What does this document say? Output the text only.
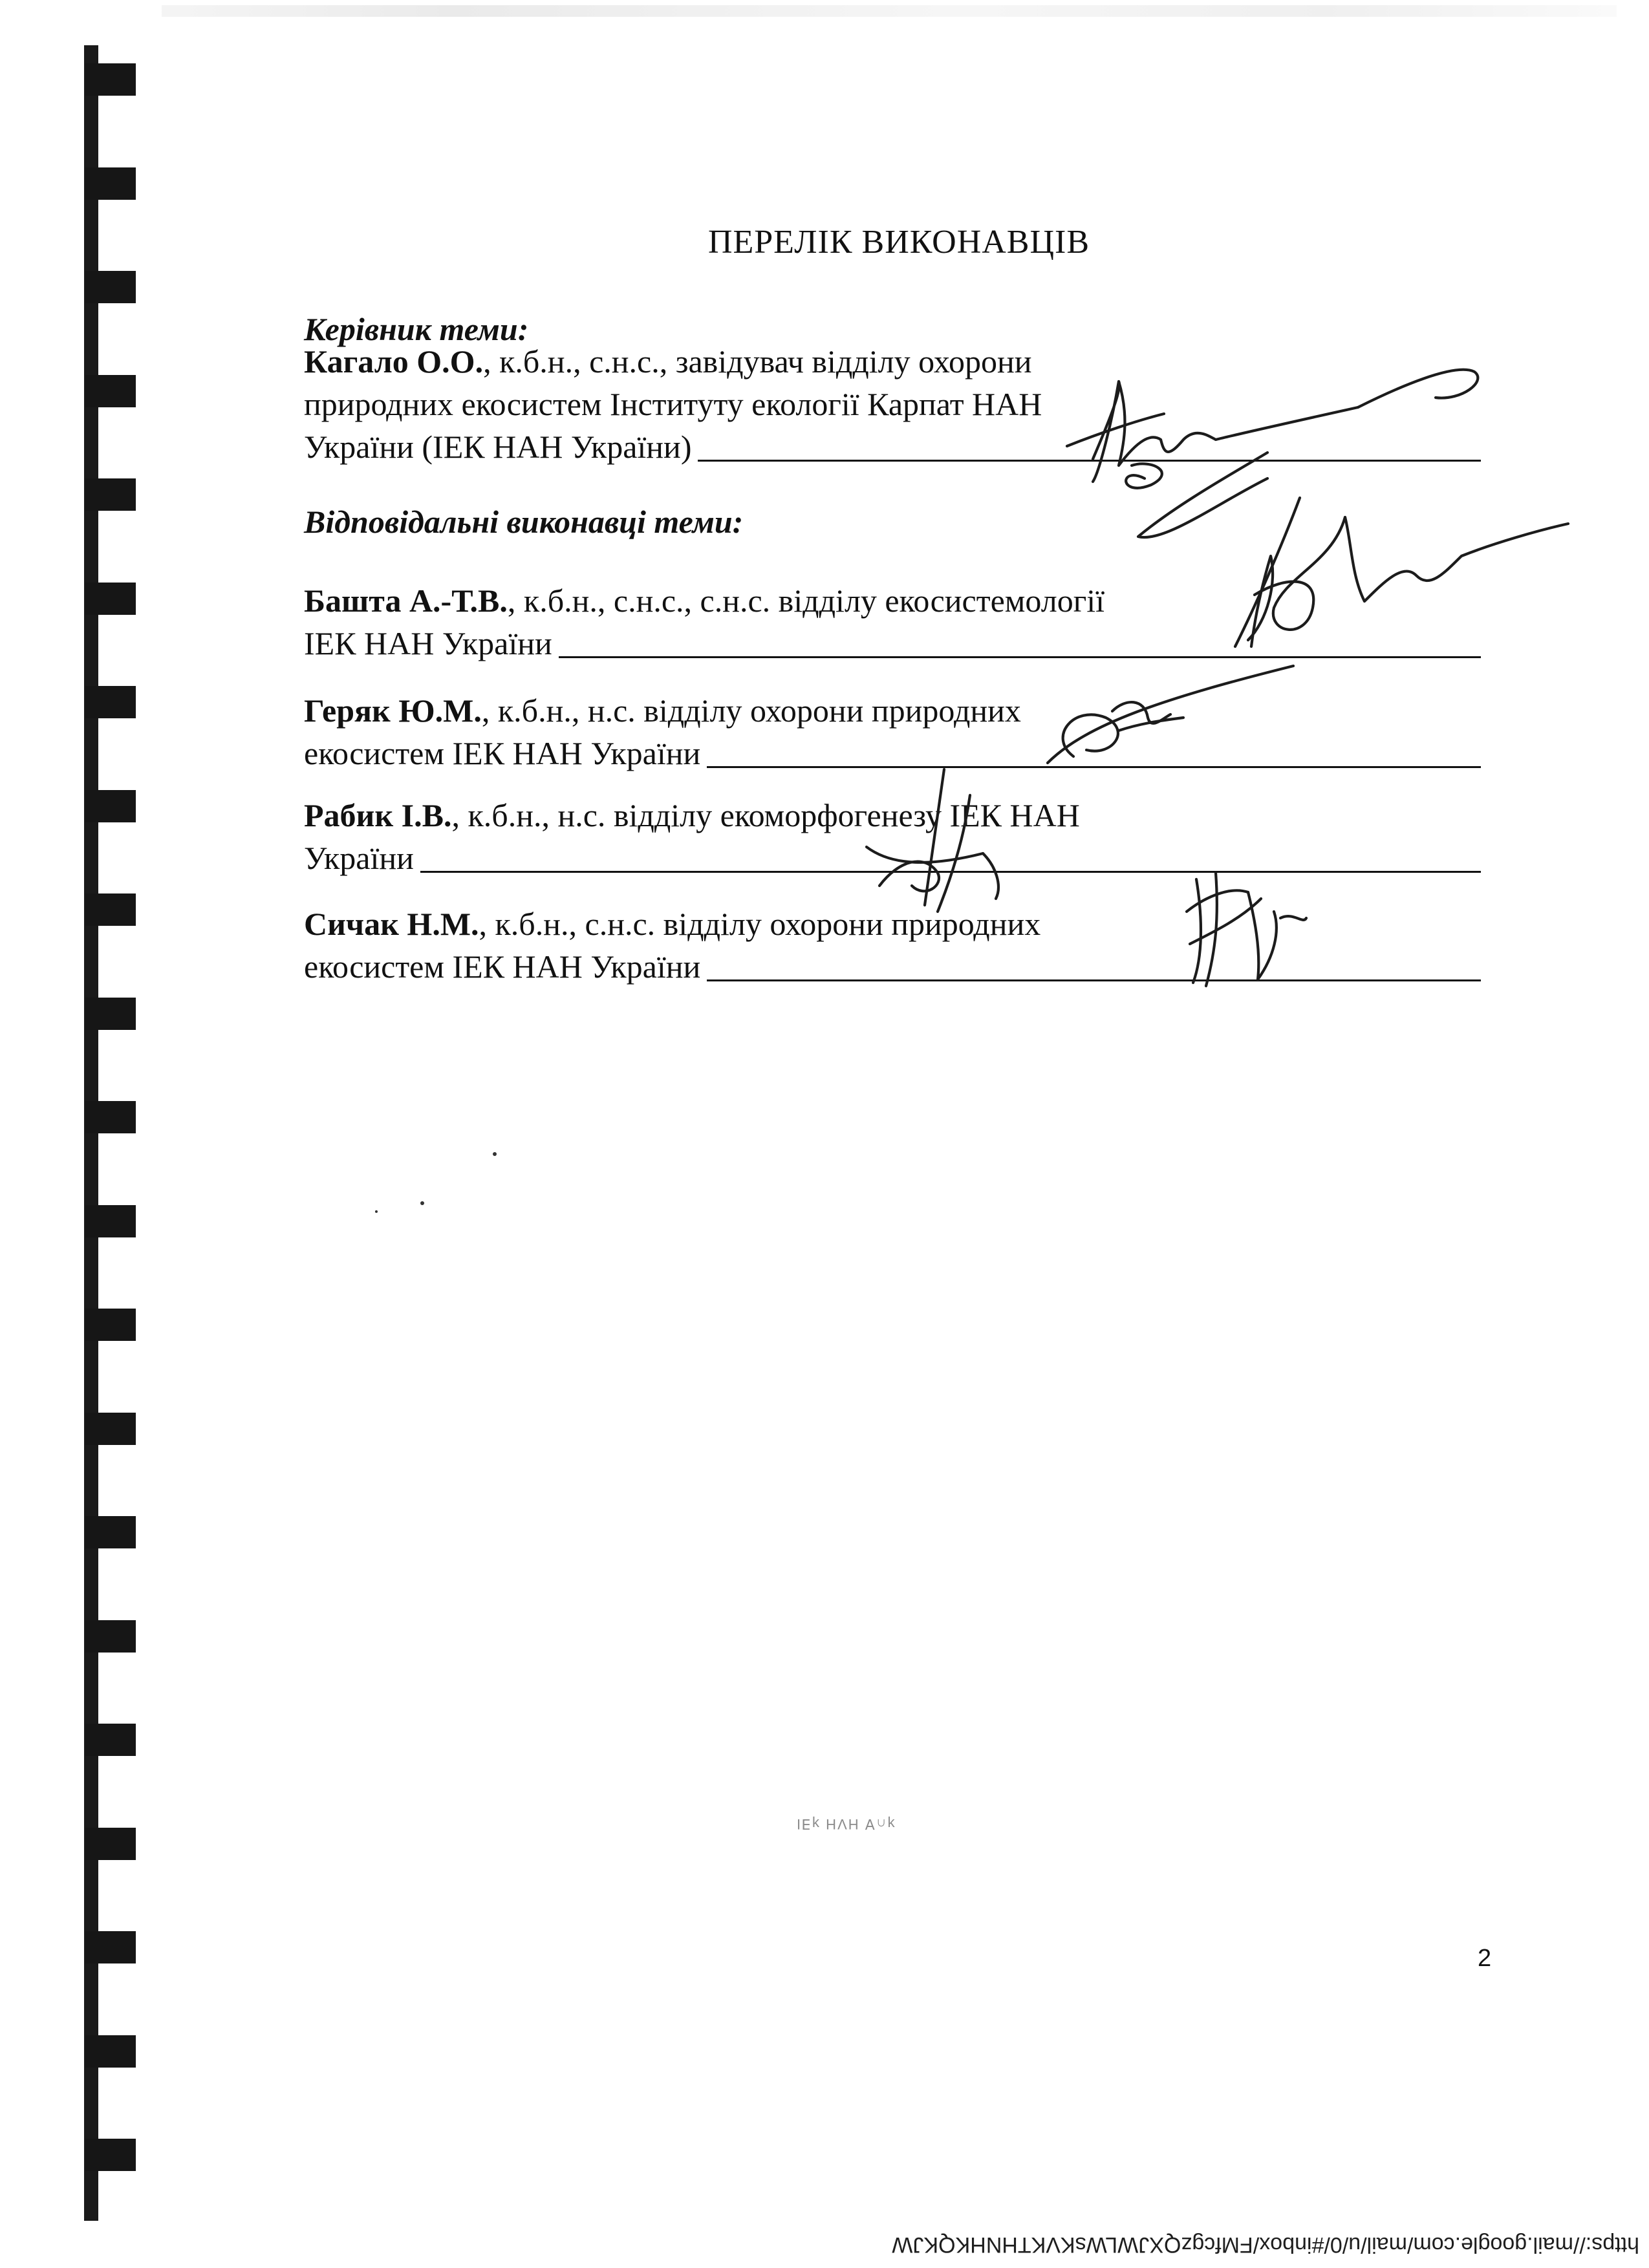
ПЕРЕЛІК ВИКОНАВЦІВ
Керівник теми:
Кагало О.О. , к.б.н., с.н.с., завідувач відділу охорони
природних екосистем Інституту екології Карпат НАН
України (ІЕК НАН України)
Відповідальні виконавці теми:
Башта А.-Т.В. , к.б.н., с.н.с., с.н.с. відділу екосистемології
ІЕК НАН України
Геряк Ю.М. , к.б.н., н.с. відділу охорони природних
екосистем ІЕК НАН України
Рабик І.В. , к.б.н., н.с. відділу екоморфогенезу ІЕК НАН
України
Сичак Н.М. , к.б.н., с.н.с. відділу охорони природних
екосистем ІЕК НАН України
ʞ∩∀ HVН ʞ∃I
2
https://mail.google.com/mail/u/0/#inbox/FMfcgzQXJWLWsKVKTHNHKQKJW
